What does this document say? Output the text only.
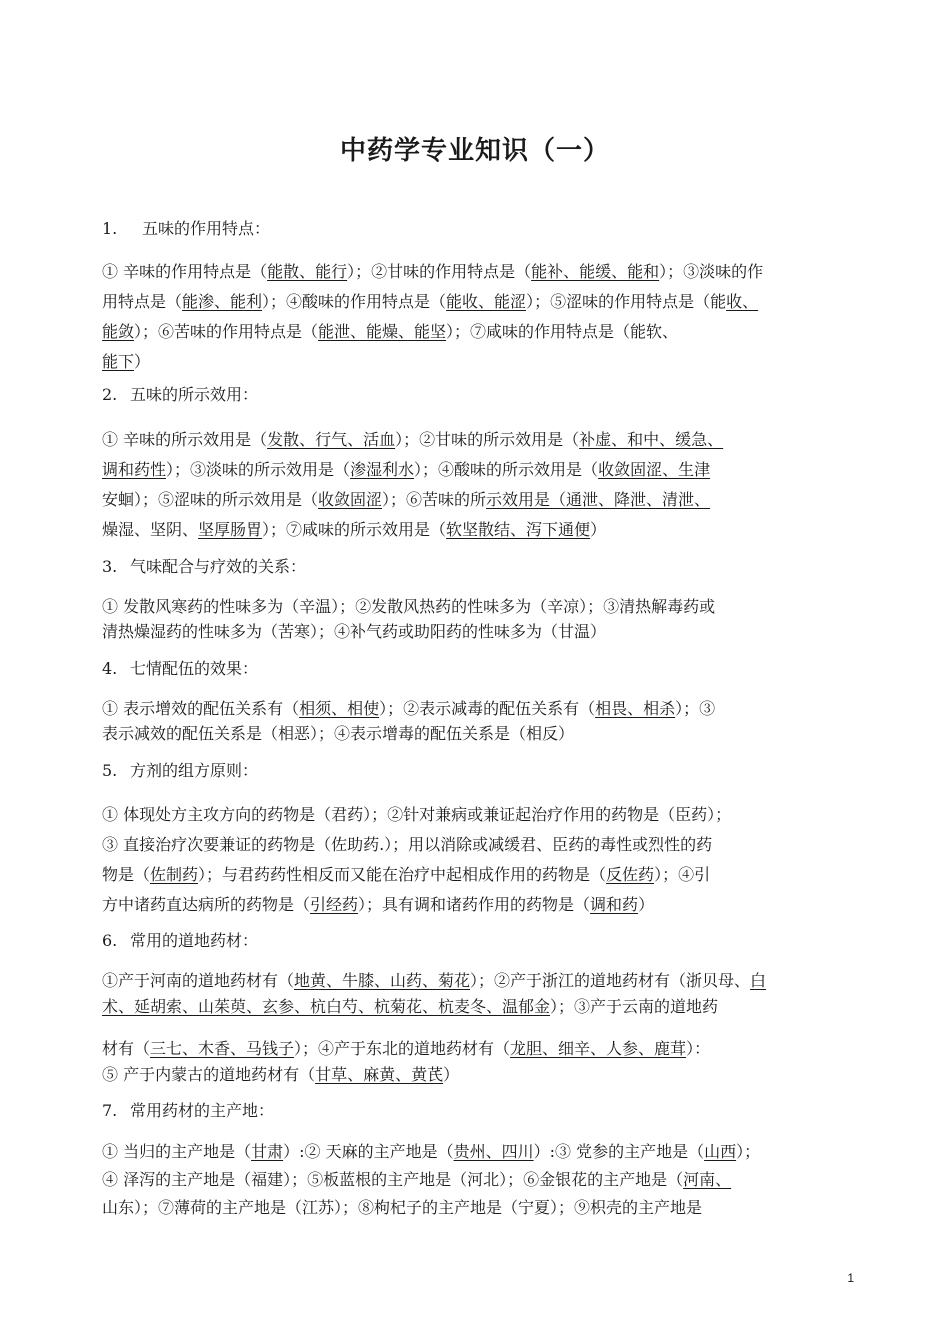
中药学专业知识（一）
1. 五味的作用特点：
① 辛味的作用特点是（能散、能行）；②甘味的作用特点是（能补、能缓、能和）；③淡味的作
用特点是（能渗、能利）；④酸味的作用特点是（能收、能涩）；⑤涩味的作用特点是（能收、
能敛）；⑥苦味的作用特点是（能泄、能燥、能坚）；⑦咸味的作用特点是（能软、
能下）
2. 五味的所示效用：
① 辛味的所示效用是（发散、行气、活血）；②甘味的所示效用是（补虚、和中、缓急、
调和药性）；③淡味的所示效用是（渗湿利水）；④酸味的所示效用是（收敛固涩、生津
安蛔）；⑤涩味的所示效用是（收敛固涩）；⑥苦味的所示效用是（通泄、降泄、清泄、
燥湿、坚阴、坚厚肠胃）；⑦咸味的所示效用是（软坚散结、泻下通便）
3. 气味配合与疗效的关系：
① 发散风寒药的性味多为（辛温）；②发散风热药的性味多为（辛凉）；③清热解毒药或
清热燥湿药的性味多为（苦寒）；④补气药或助阳药的性味多为（甘温）
4. 七情配伍的效果：
① 表示增效的配伍关系有（相须、相使）；②表示减毒的配伍关系有（相畏、相杀）；③
表示减效的配伍关系是（相恶）；④表示增毒的配伍关系是（相反）
5. 方剂的组方原则：
① 体现处方主攻方向的药物是（君药）；②针对兼病或兼证起治疗作用的药物是（臣药）；
③ 直接治疗次要兼证的药物是（佐助药.）；用以消除或减缓君、臣药的毒性或烈性的药
物是（佐制药）；与君药药性相反而又能在治疗中起相成作用的药物是（反佐药）；④引
方中诸药直达病所的药物是（引经药）；具有调和诸药作用的药物是（调和药）
6. 常用的道地药材：
①产于河南的道地药材有（地黄、牛膝、山药、菊花）；②产于浙江的道地药材有（浙贝母、白
术、延胡索、山茱萸、玄参、杭白芍、杭菊花、杭麦冬、温郁金）；③产于云南的道地药
材有（三七、木香、马钱子）；④产于东北的道地药材有（龙胆、细辛、人参、鹿茸）：
⑤ 产于内蒙古的道地药材有（甘草、麻黄、黄芪）
7. 常用药材的主产地：
① 当归的主产地是（甘肃）:② 天麻的主产地是（贵州、四川）:③ 党参的主产地是（山西）；
④ 泽泻的主产地是（福建）；⑤板蓝根的主产地是（河北）；⑥金银花的主产地是（河南、
山东）；⑦薄荷的主产地是（江苏）；⑧枸杞子的主产地是（宁夏）；⑨枳壳的主产地是
1
